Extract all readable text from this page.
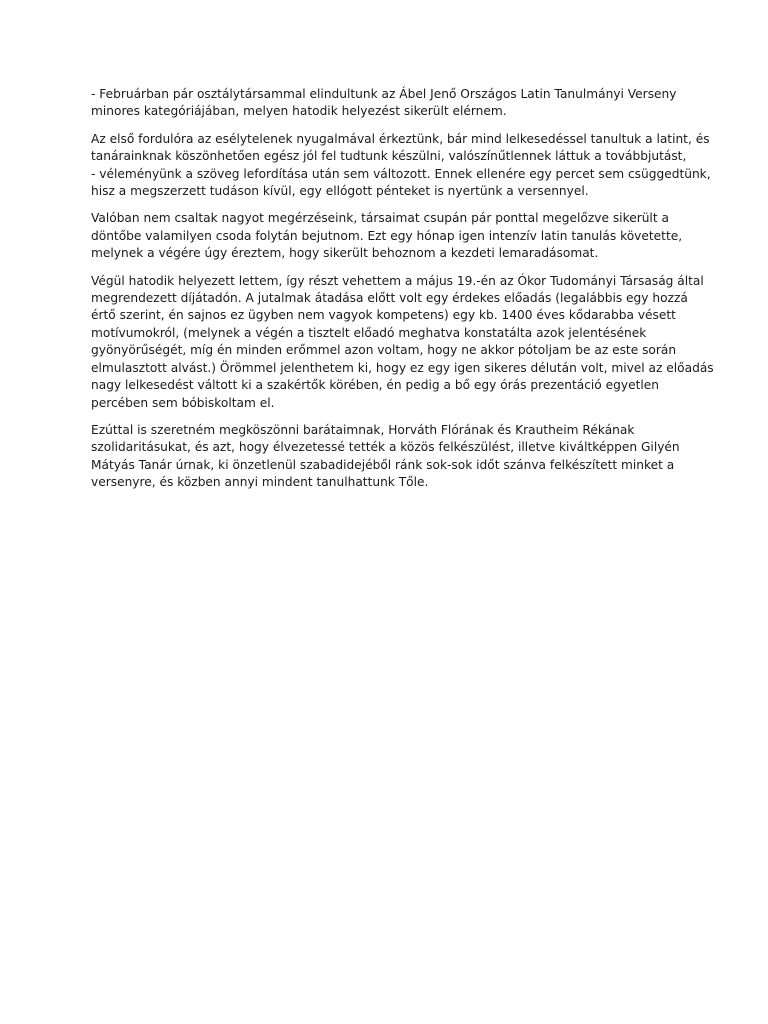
- Februárban pár osztálytársammal elindultunk az Ábel Jenő Országos Latin Tanulmányi Verseny
minores kategóriájában, melyen hatodik helyezést sikerült elérnem.

Az első fordulóra az esélytelenek nyugalmával érkeztünk, bár mind lelkesedéssel tanultuk a latint, és
tanárainknak köszönhetően egész jól fel tudtunk készülni, valószínűtlennek láttuk a továbbjutást,
- véleményünk a szöveg lefordítása után sem változott. Ennek ellenére egy percet sem csüggedtünk,
hisz a megszerzett tudáson kívül, egy ellógott pénteket is nyertünk a versennyel.

Valóban nem csaltak nagyot megérzéseink, társaimat csupán pár ponttal megelőzve sikerült a
döntőbe valamilyen csoda folytán bejutnom. Ezt egy hónap igen intenzív latin tanulás követette,
melynek a végére úgy éreztem, hogy sikerült behoznom a kezdeti lemaradásomat.

Végül hatodik helyezett lettem, így részt vehettem a május 19.-én az Ókor Tudományi Társaság által
megrendezett díjátadón. A jutalmak átadása előtt volt egy érdekes előadás (legalábbis egy hozzá
értő szerint, én sajnos ez ügyben nem vagyok kompetens) egy kb. 1400 éves kődarabba vésett
motívumokról, (melynek a végén a tisztelt előadó meghatva konstatálta azok jelentésének
gyönyörűségét, míg én minden erőmmel azon voltam, hogy ne akkor pótoljam be az este során
elmulasztott alvást.) Örömmel jelenthetem ki, hogy ez egy igen sikeres délután volt, mivel az előadás
nagy lelkesedést váltott ki a szakértők körében, én pedig a bő egy órás prezentáció egyetlen
percében sem bóbiskoltam el.

Ezúttal is szeretném megköszönni barátaimnak, Horváth Flórának és Krautheim Rékának
szolidaritásukat, és azt, hogy élvezetessé tették a közös felkészülést, illetve kiváltképpen Gilyén
Mátyás Tanár úrnak, ki önzetlenül szabadidejéből ránk sok-sok időt szánva felkészített minket a
versenyre, és közben annyi mindent tanulhattunk Tőle.
